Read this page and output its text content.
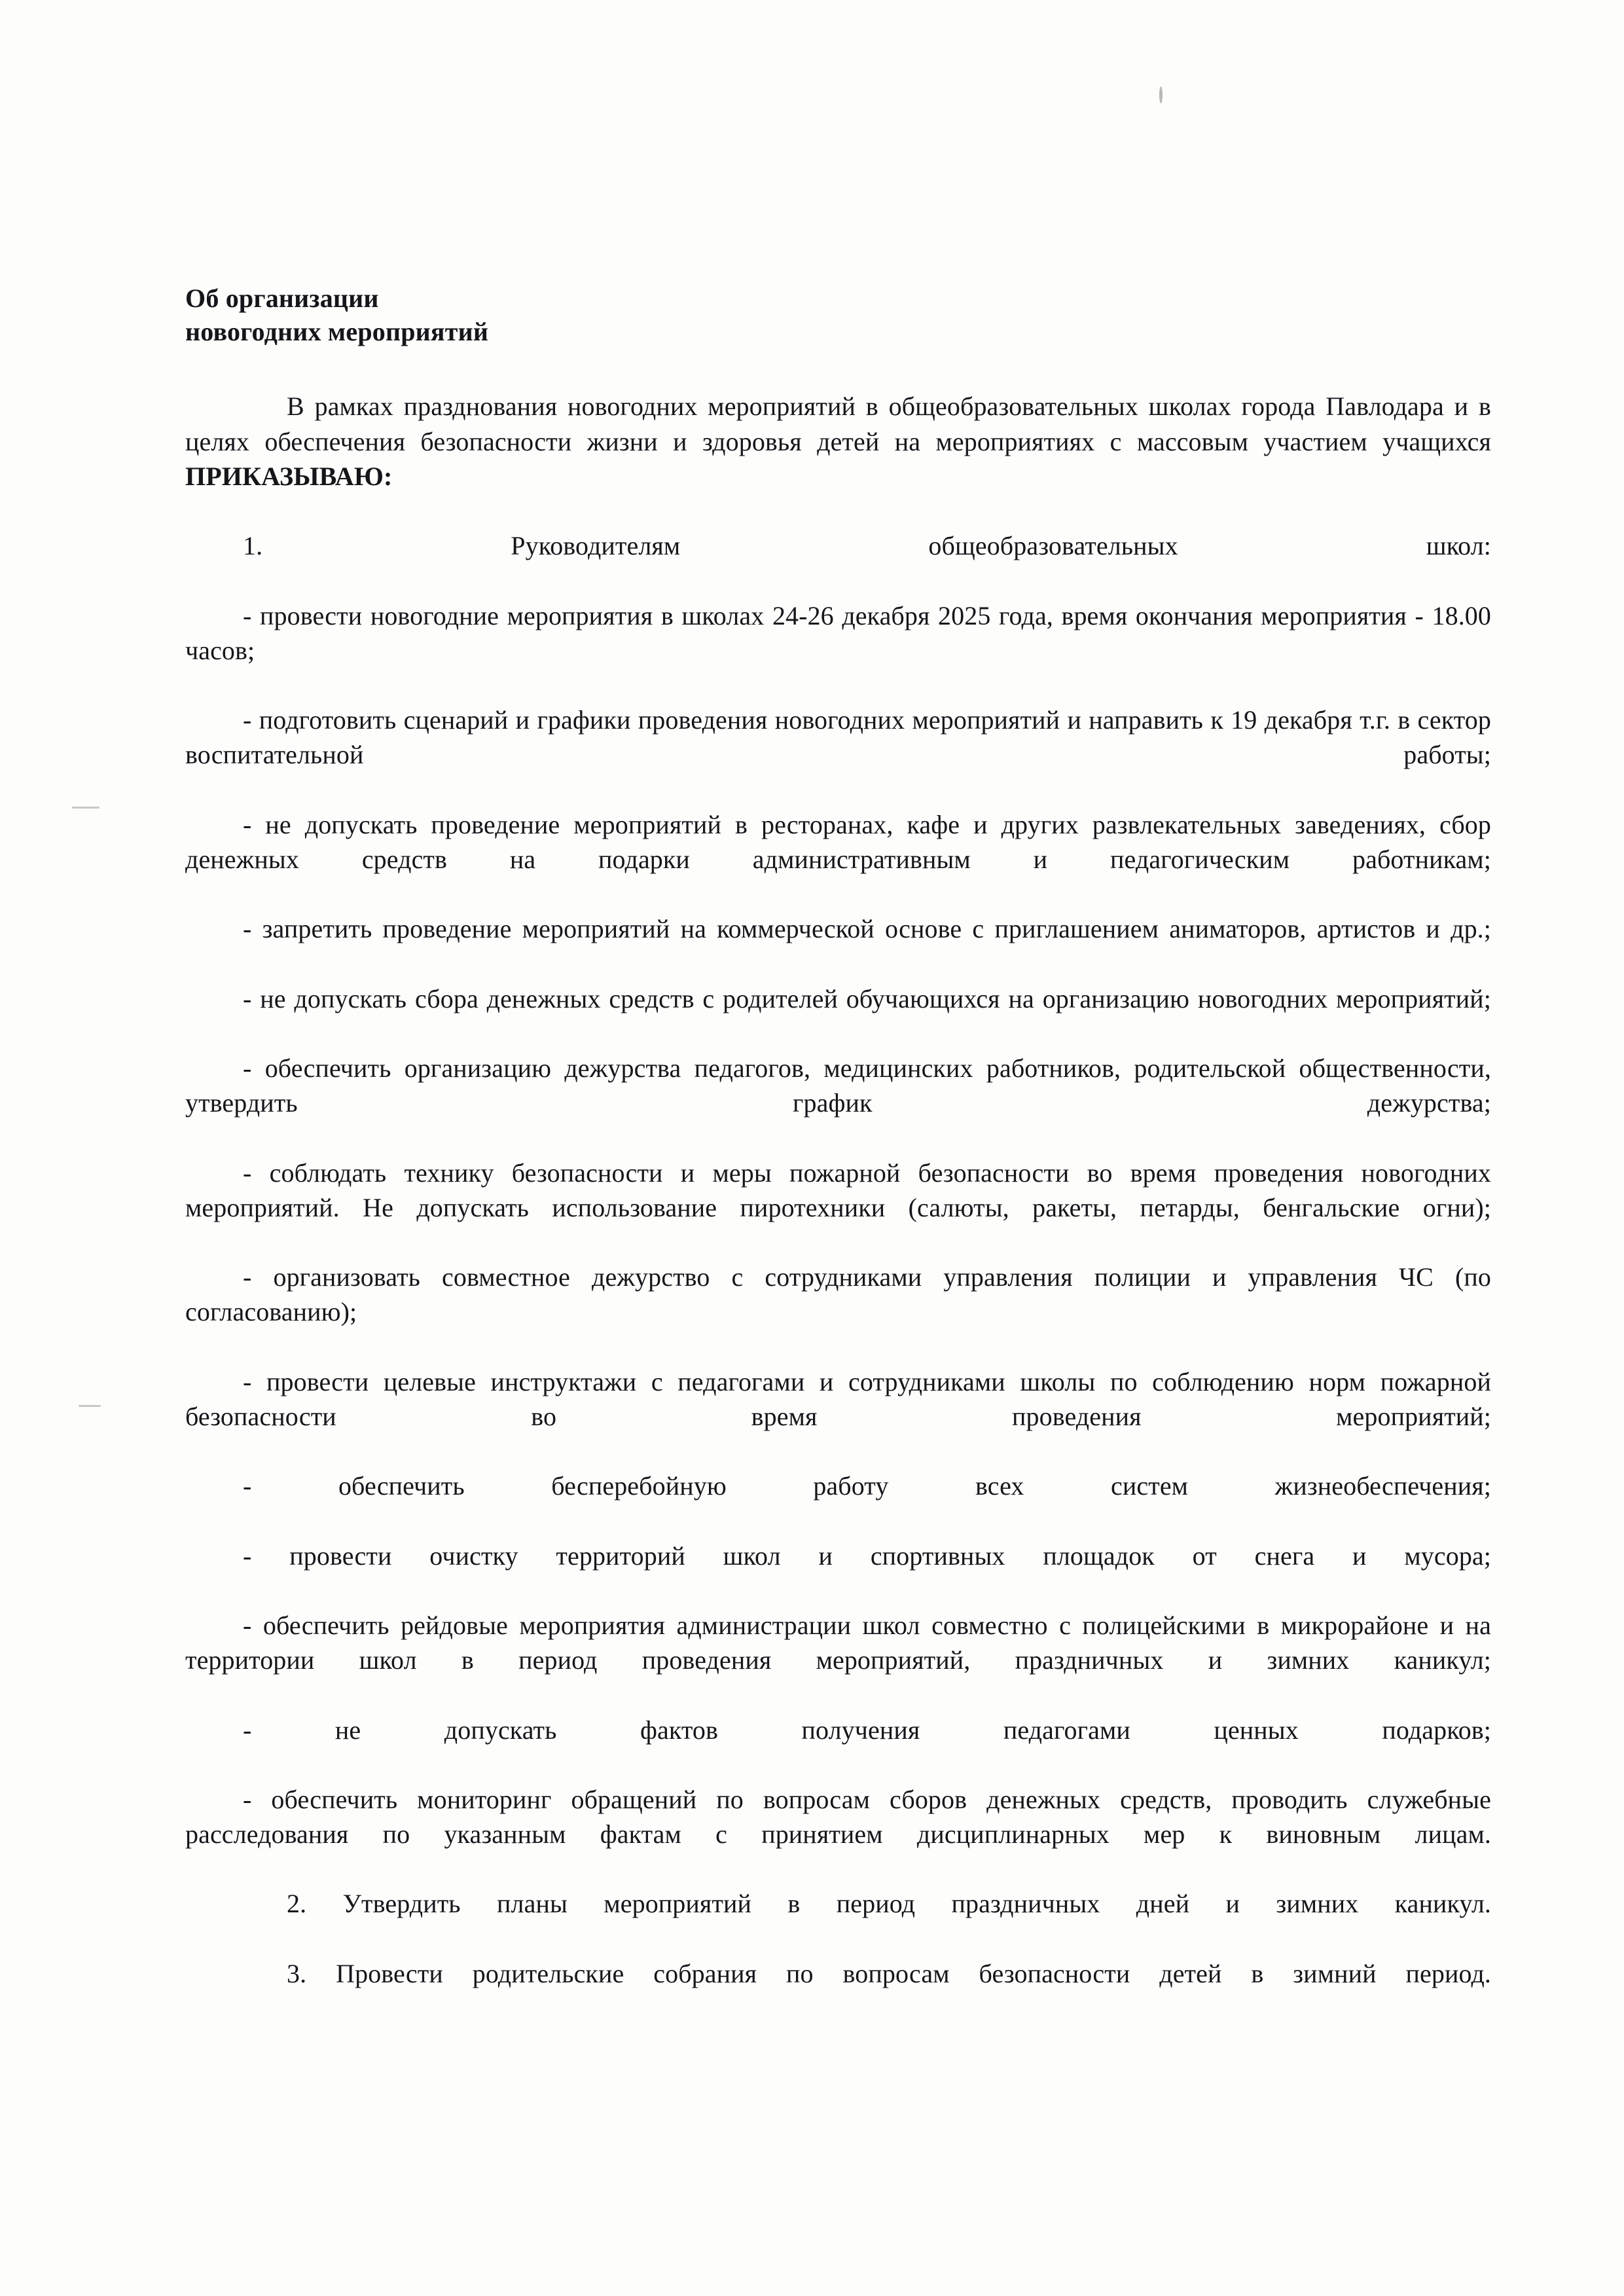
Об организации
новогодних мероприятий

В рамках празднования новогодних мероприятий в общеобразовательных школах города Павлодара и в целях обеспечения безопасности жизни и здоровья детей на мероприятиях с массовым участием учащихся ПРИКАЗЫВАЮ:

1. Руководителям общеобразовательных школ:

- провести новогодние мероприятия в школах 24-26 декабря 2025 года, время окончания мероприятия - 18.00 часов;

- подготовить сценарий и графики проведения новогодних мероприятий и направить к 19 декабря т.г. в сектор воспитательной работы;

- не допускать проведение мероприятий в ресторанах, кафе и других развлекательных заведениях, сбор денежных средств на подарки административным и педагогическим работникам;

- запретить проведение мероприятий на коммерческой основе с приглашением аниматоров, артистов и др.;

- не допускать сбора денежных средств с родителей обучающихся на организацию новогодних мероприятий;

- обеспечить организацию дежурства педагогов, медицинских работников, родительской общественности, утвердить график дежурства;

- соблюдать технику безопасности и меры пожарной безопасности во время проведения новогодних мероприятий. Не допускать использование пиротехники (салюты, ракеты, петарды, бенгальские огни);

- организовать совместное дежурство с сотрудниками управления полиции и управления ЧС (по согласованию);

- провести целевые инструктажи с педагогами и сотрудниками школы по соблюдению норм пожарной безопасности во время проведения мероприятий;

- обеспечить бесперебойную работу всех систем жизнеобеспечения;

- провести очистку территорий школ и спортивных площадок от снега и мусора;

- обеспечить рейдовые мероприятия администрации школ совместно с полицейскими в микрорайоне и на территории школ в период проведения мероприятий, праздничных и зимних каникул;

- не допускать фактов получения педагогами ценных подарков;

- обеспечить мониторинг обращений по вопросам сборов денежных средств, проводить служебные расследования по указанным фактам с принятием дисциплинарных мер к виновным лицам.

2. Утвердить планы мероприятий в период праздничных дней и зимних каникул.

3. Провести родительские собрания по вопросам безопасности детей в зимний период.
